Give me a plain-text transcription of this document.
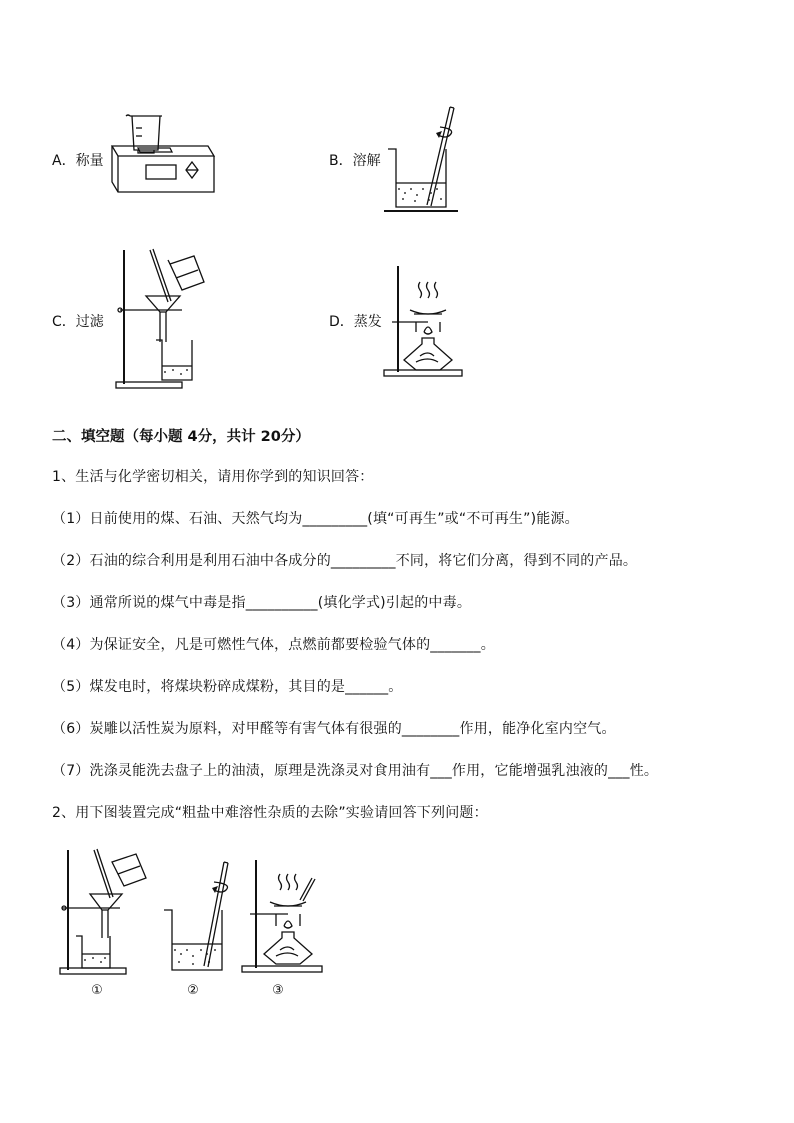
A．称量	B．溶解
C．过滤	D．蒸发
二、填空题（每小题 4分，共计 20分）
1、生活与化学密切相关，请用你学到的知识回答：
（1）日前使用的煤、石油、天然气均为_________(填“可再生”或“不可再生”)能源。
（2）石油的综合利用是利用石油中各成分的_________不同，将它们分离，得到不同的产品。
（3）通常所说的煤气中毒是指__________(填化学式)引起的中毒。
（4）为保证安全，凡是可燃性气体，点燃前都要检验气体的_______。
（5）煤发电时，将煤块粉碎成煤粉，其目的是______。
（6）炭雕以活性炭为原料，对甲醛等有害气体有很强的________作用，能净化室内空气。
（7）洗涤灵能洗去盘子上的油渍，原理是洗涤灵对食用油有___作用，它能增强乳浊液的___性。
2、用下图装置完成“粗盐中难溶性杂质的去除”实验请回答下列问题：
①	②	③
